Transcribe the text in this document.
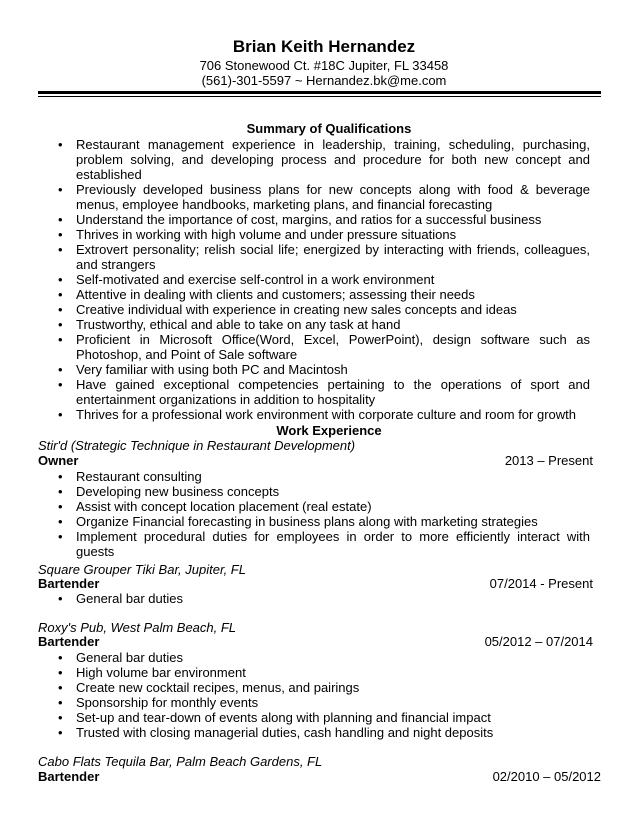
Brian Keith Hernandez
706 Stonewood Ct. #18C Jupiter, FL 33458
(561)-301-5597 ~ Hernandez.bk@me.com
Summary of Qualifications
• Restaurant management experience in leadership, training, scheduling, purchasing, problem solving, and developing process and procedure for both new concept and established
• Previously developed business plans for new concepts along with food & beverage menus, employee handbooks, marketing plans, and financial forecasting
• Understand the importance of cost, margins, and ratios for a successful business
• Thrives in working with high volume and under pressure situations
• Extrovert personality; relish social life; energized by interacting with friends, colleagues, and strangers
• Self-motivated and exercise self-control in a work environment
• Attentive in dealing with clients and customers; assessing their needs
• Creative individual with experience in creating new sales concepts and ideas
• Trustworthy, ethical and able to take on any task at hand
• Proficient in Microsoft Office(Word, Excel, PowerPoint), design software such as Photoshop, and Point of Sale software
• Very familiar with using both PC and Macintosh
• Have gained exceptional competencies pertaining to the operations of sport and entertainment organizations in addition to hospitality
• Thrives for a professional work environment with corporate culture and room for growth
Work Experience
Stir'd (Strategic Technique in Restaurant Development)
Owner	2013 – Present
• Restaurant consulting
• Developing new business concepts
• Assist with concept location placement (real estate)
• Organize Financial forecasting in business plans along with marketing strategies
• Implement procedural duties for employees in order to more efficiently interact with guests
Square Grouper Tiki Bar, Jupiter, FL
Bartender	07/2014 - Present
• General bar duties
Roxy's Pub, West Palm Beach, FL
Bartender	05/2012 – 07/2014
• General bar duties
• High volume bar environment
• Create new cocktail recipes, menus, and pairings
• Sponsorship for monthly events
• Set-up and tear-down of events along with planning and financial impact
• Trusted with closing managerial duties, cash handling and night deposits
Cabo Flats Tequila Bar, Palm Beach Gardens, FL
Bartender	02/2010 – 05/2012
